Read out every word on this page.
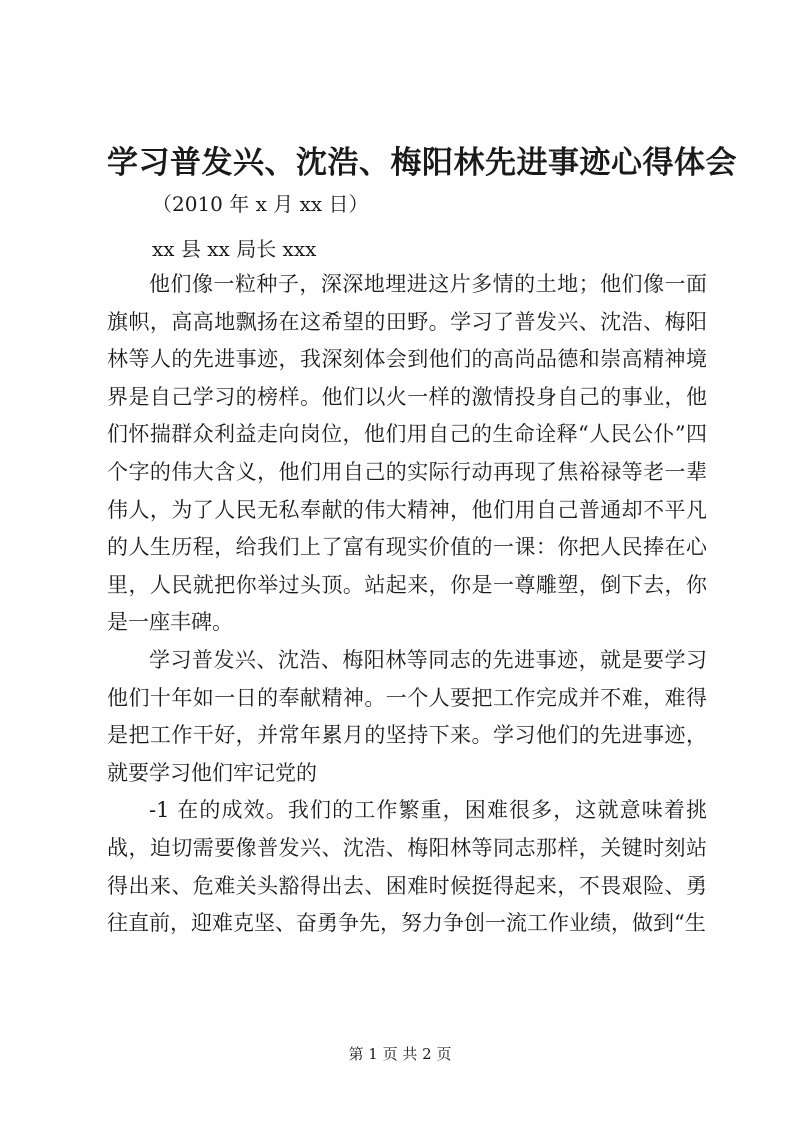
学习普发兴、沈浩、梅阳林先进事迹心得体会
（2010 年 x 月 xx 日）
xx 县 xx 局长 xxx

他们像一粒种子，深深地埋进这片多情的土地；他们像一面旗帜，高高地飘扬在这希望的田野。学习了普发兴、沈浩、梅阳林等人的先进事迹，我深刻体会到他们的高尚品德和崇高精神境界是自己学习的榜样。他们以火一样的激情投身自己的事业，他们怀揣群众利益走向岗位，他们用自己的生命诠释“人民公仆”四个字的伟大含义，他们用自己的实际行动再现了焦裕禄等老一辈伟人，为了人民无私奉献的伟大精神，他们用自己普通却不平凡的人生历程，给我们上了富有现实价值的一课：你把人民捧在心里，人民就把你举过头顶。站起来，你是一尊雕塑，倒下去，你是一座丰碑。

学习普发兴、沈浩、梅阳林等同志的先进事迹，就是要学习他们十年如一日的奉献精神。一个人要把工作完成并不难，难得是把工作干好，并常年累月的坚持下来。学习他们的先进事迹，就要学习他们牢记党的

-1 在的成效。我们的工作繁重，困难很多，这就意味着挑战，迫切需要像普发兴、沈浩、梅阳林等同志那样，关键时刻站得出来、危难关头豁得出去、困难时候挺得起来，不畏艰险、勇往直前，迎难克坚、奋勇争先，努力争创一流工作业绩，做到“生

第 1 页 共 2 页
